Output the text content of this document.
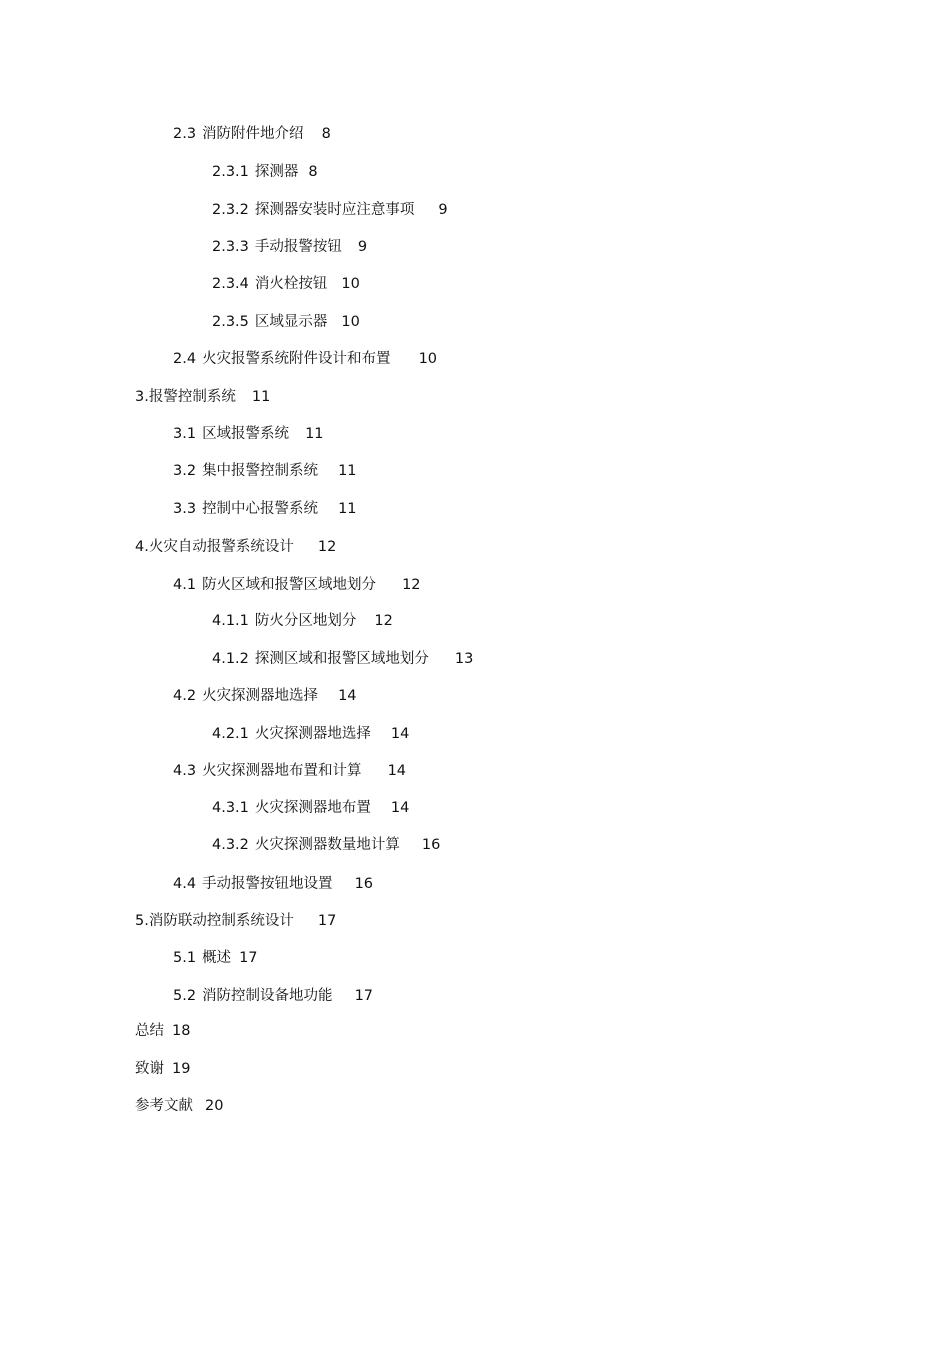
2.3 消防附件地介绍 8
2.3.1 探测器 8
2.3.2 探测器安装时应注意事项 9
2.3.3 手动报警按钮 9
2.3.4 消火栓按钮 10
2.3.5 区域显示器 10
2.4 火灾报警系统附件设计和布置 10
3.报警控制系统 11
3.1 区域报警系统 11
3.2 集中报警控制系统 11
3.3 控制中心报警系统 11
4.火灾自动报警系统设计 12
4.1 防火区域和报警区域地划分 12
4.1.1 防火分区地划分 12
4.1.2 探测区域和报警区域地划分 13
4.2 火灾探测器地选择 14
4.2.1 火灾探测器地选择 14
4.3 火灾探测器地布置和计算 14
4.3.1 火灾探测器地布置 14
4.3.2 火灾探测器数量地计算 16
4.4 手动报警按钮地设置 16
5.消防联动控制系统设计 17
5.1 概述 17
5.2 消防控制设备地功能 17
总结 18
致谢 19
参考文献 20
